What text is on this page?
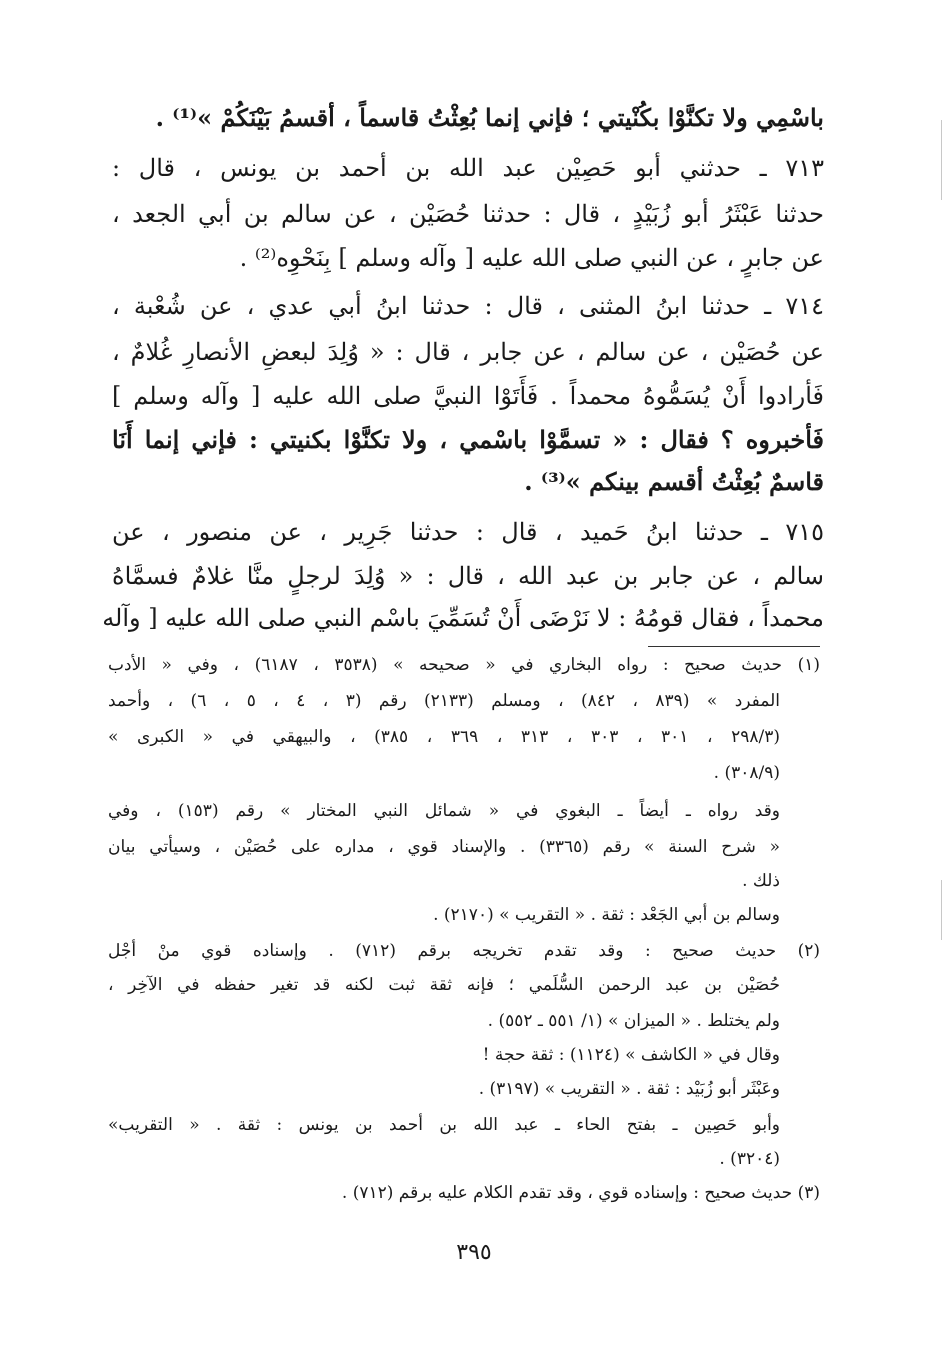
باسْمِي ولا تكنَّوْا بكُنْيتي ؛ فإني إنما بُعِثْتُ قاسماً ، أقسمُ بَيْنَكُمْ »⁽¹⁾ .
٧١٣ ـ حدثني أبو حَصِيْن عبد الله بن أحمد بن يونس ، قال :
حدثنا عَبْثَرُ أبو زُبَيْدٍ ، قال : حدثنا حُصَيْن ، عن سالم بن أبي الجعد ،
عن جابرٍ ، عن النبي صلى الله عليه [ وآله وسلم ] بِنَحْوِه⁽²⁾ .
٧١٤ ـ حدثنا ابنُ المثنى ، قال : حدثنا ابنُ أبي عدي ، عن شُعْبة ،
عن حُصَيْن ، عن سالم ، عن جابر ، قال : « وُلِدَ لبعضِ الأنصارِ غُلامٌ ،
فَأرادوا أَنْ يُسَمُّوهُ محمداً . فَأَتَوْا النبيَّ صلى الله عليه [ وآله وسلم ]
فَأخبروه ؟ فقال : « تسمَّوْا باسْمي ، ولا تكنَّوْا بكنيتي : فإني إنما أَنَا
قاسمٌ بُعِثْتُ أقسم بينكم »⁽³⁾ .
٧١٥ ـ حدثنا ابنُ حَميد ، قال : حدثنا جَرِير ، عن منصور ، عن
سالم ، عن جابر بن عبد الله ، قال : « وُلِدَ لرجلٍ منَّا غلامٌ فسمَّاهُ
محمداً ، فقال قومُهُ : لا نَرْضَى أَنْ تُسَمِّيَ باسْم النبي صلى الله عليه [ وآله
(١) حديث صحيح : رواه البخاري في « صحيحه » (٣٥٣٨ ، ٦١٨٧) ، وفي « الأدب
المفرد » (٨٣٩ ، ٨٤٢) ، ومسلم (٢١٣٣) رقم (٣ ، ٤ ، ٥ ، ٦) ، وأحمد
(٢٩٨/٣ ، ٣٠١ ، ٣٠٣ ، ٣١٣ ، ٣٦٩ ، ٣٨٥) ، والبيهقي في « الكبرى »
(٣٠٨/٩) .
وقد رواه ـ أيضاً ـ البغوي في « شمائل النبي المختار » رقم (١٥٣) ، وفي
« شرح السنة » رقم (٣٣٦٥) . والإسناد قوي ، مداره على حُصَيْن ، وسيأتي بيان
ذلك .
وسالم بن أبي الجَعْد : ثقة . « التقريب » (٢١٧٠) .
(٢) حديث صحيح : وقد تقدم تخريجه برقم (٧١٢) . وإسناده قوي منْ أجْل
حُصَيْن بن عبد الرحمن السُّلَمي ؛ فإنه ثقة ثبت لكنه قد تغير حفظه في الآخِر ،
ولم يختلط . « الميزان » (١/ ٥٥١ ـ ٥٥٢) .
وقال في « الكاشف » (١١٢٤) : ثقة حجة !
وعَبْثَر أبو زُبَيْد : ثقة . « التقريب » (٣١٩٧) .
وأبو حَصِين ـ بفتح الحاء ـ عبد الله بن أحمد بن يونس : ثقة . « التقريب»
(٣٢٠٤) .
(٣) حديث صحيح : وإسناده قوي ، وقد تقدم الكلام عليه برقم (٧١٢) .
٣٩٥
